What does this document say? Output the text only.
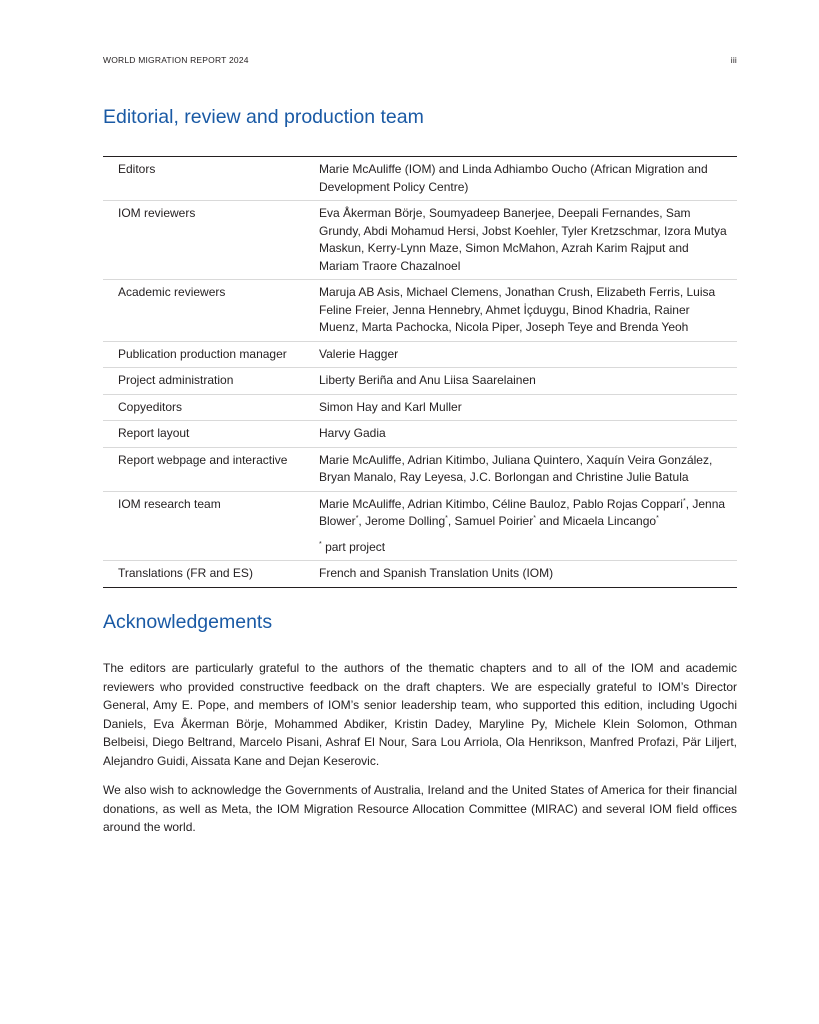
WORLD MIGRATION REPORT 2024	iii
Editorial, review and production team
Editors	Marie McAuliffe (IOM) and Linda Adhiambo Oucho (African Migration and Development Policy Centre)
IOM reviewers	Eva Åkerman Börje, Soumyadeep Banerjee, Deepali Fernandes, Sam Grundy, Abdi Mohamud Hersi, Jobst Koehler, Tyler Kretzschmar, Izora Mutya Maskun, Kerry-Lynn Maze, Simon McMahon, Azrah Karim Rajput and Mariam Traore Chazalnoel
Academic reviewers	Maruja AB Asis, Michael Clemens, Jonathan Crush, Elizabeth Ferris, Luisa Feline Freier, Jenna Hennebry, Ahmet İçduygu, Binod Khadria, Rainer Muenz, Marta Pachocka, Nicola Piper, Joseph Teye and Brenda Yeoh
Publication production manager	Valerie Hagger
Project administration	Liberty Beriña and Anu Liisa Saarelainen
Copyeditors	Simon Hay and Karl Muller
Report layout	Harvy Gadia
Report webpage and interactive	Marie McAuliffe, Adrian Kitimbo, Juliana Quintero, Xaquín Veira González, Bryan Manalo, Ray Leyesa, J.C. Borlongan and Christine Julie Batula
IOM research team	Marie McAuliffe, Adrian Kitimbo, Céline Bauloz, Pablo Rojas Coppari*, Jenna Blower*, Jerome Dolling*, Samuel Poirier* and Micaela Lincango*
* part project

Translations (FR and ES)	French and Spanish Translation Units (IOM)
Acknowledgements

The editors are particularly grateful to the authors of the thematic chapters and to all of the IOM and academic reviewers who provided constructive feedback on the draft chapters. We are especially grateful to IOM’s Director General, Amy E. Pope, and members of IOM’s senior leadership team, who supported this edition, including Ugochi Daniels, Eva Åkerman Börje, Mohammed Abdiker, Kristin Dadey, Maryline Py, Michele Klein Solomon, Othman Belbeisi, Diego Beltrand, Marcelo Pisani, Ashraf El Nour, Sara Lou Arriola, Ola Henrikson, Manfred Profazi, Pär Liljert, Alejandro Guidi, Aissata Kane and Dejan Keserovic.

We also wish to acknowledge the Governments of Australia, Ireland and the United States of America for their financial donations, as well as Meta, the IOM Migration Resource Allocation Committee (MIRAC) and several IOM field offices around the world.
